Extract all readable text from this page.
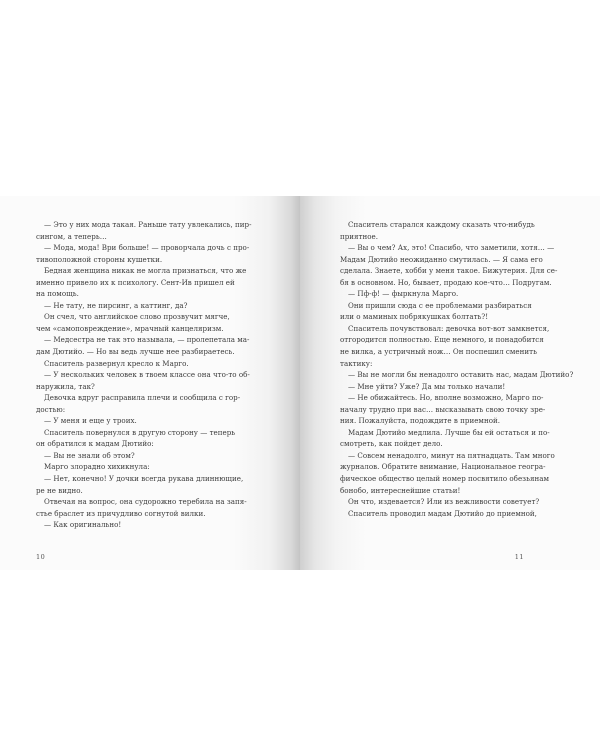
— Это у них мода такая. Раньше тату увлекались, пир-
сингом, а теперь…
— Мода, мода! Ври больше! — проворчала дочь с про-
тивоположной стороны кушетки.
Бедная женщина никак не могла признаться, что же
именно привело их к психологу. Сент-Ив пришел ей
на помощь.
— Не тату, не пирсинг, а каттинг, да?
Он счел, что английское слово прозвучит мягче,
чем «самоповреждение», мрачный канцеляризм.
— Медсестра не так это называла, — пролепетала ма-
дам Дютийо. — Но вы ведь лучше нее разбираетесь.
Спаситель развернул кресло к Марго.
— У нескольких человек в твоем классе она что-то об-
наружила, так?
Девочка вдруг расправила плечи и сообщила с гор-
достью:
— У меня и еще у троих.
Спаситель повернулся в другую сторону — теперь
он обратился к мадам Дютийо:
— Вы не знали об этом?
Марго злорадно хихикнула:
— Нет, конечно! У дочки всегда рукава длиннющие,
ре не видно.
Отвечая на вопрос, она судорожно теребила на запя-
стье браслет из причудливо согнутой вилки.
— Как оригинально!
10
Спаситель старался каждому сказать что-нибудь
приятное.
— Вы о чем? Ах, это! Спасибо, что заметили, хотя… —
Мадам Дютийо неожиданно смутилась. — Я сама его
сделала. Знаете, хобби у меня такое. Бижутерия. Для се-
бя в основном. Но, бывает, продаю кое-что… Подругам.
— Пф-ф! — фыркнула Марго.
Они пришли сюда с ее проблемами разбираться
или о маминых побрякушках болтать?!
Спаситель почувствовал: девочка вот-вот замкнется,
отгородится полностью. Еще немного, и понадобится
не вилка, а устричный нож… Он поспешил сменить
тактику:
— Вы не могли бы ненадолго оставить нас, мадам Дютийо?
— Мне уйти? Уже? Да мы только начали!
— Не обижайтесь. Но, вполне возможно, Марго по-
началу трудно при вас… высказывать свою точку зре-
ния. Пожалуйста, подождите в приемной.
Мадам Дютийо медлила. Лучше бы ей остаться и по-
смотреть, как пойдет дело.
— Совсем ненадолго, минут на пятнадцать. Там много
журналов. Обратите внимание, Национальное геогра-
фическое общество целый номер посвятило обезьянам
бонобо, интереснейшие статьи!
Он что, издевается? Или из вежливости советует?
Спаситель проводил мадам Дютийо до приемной,
11
